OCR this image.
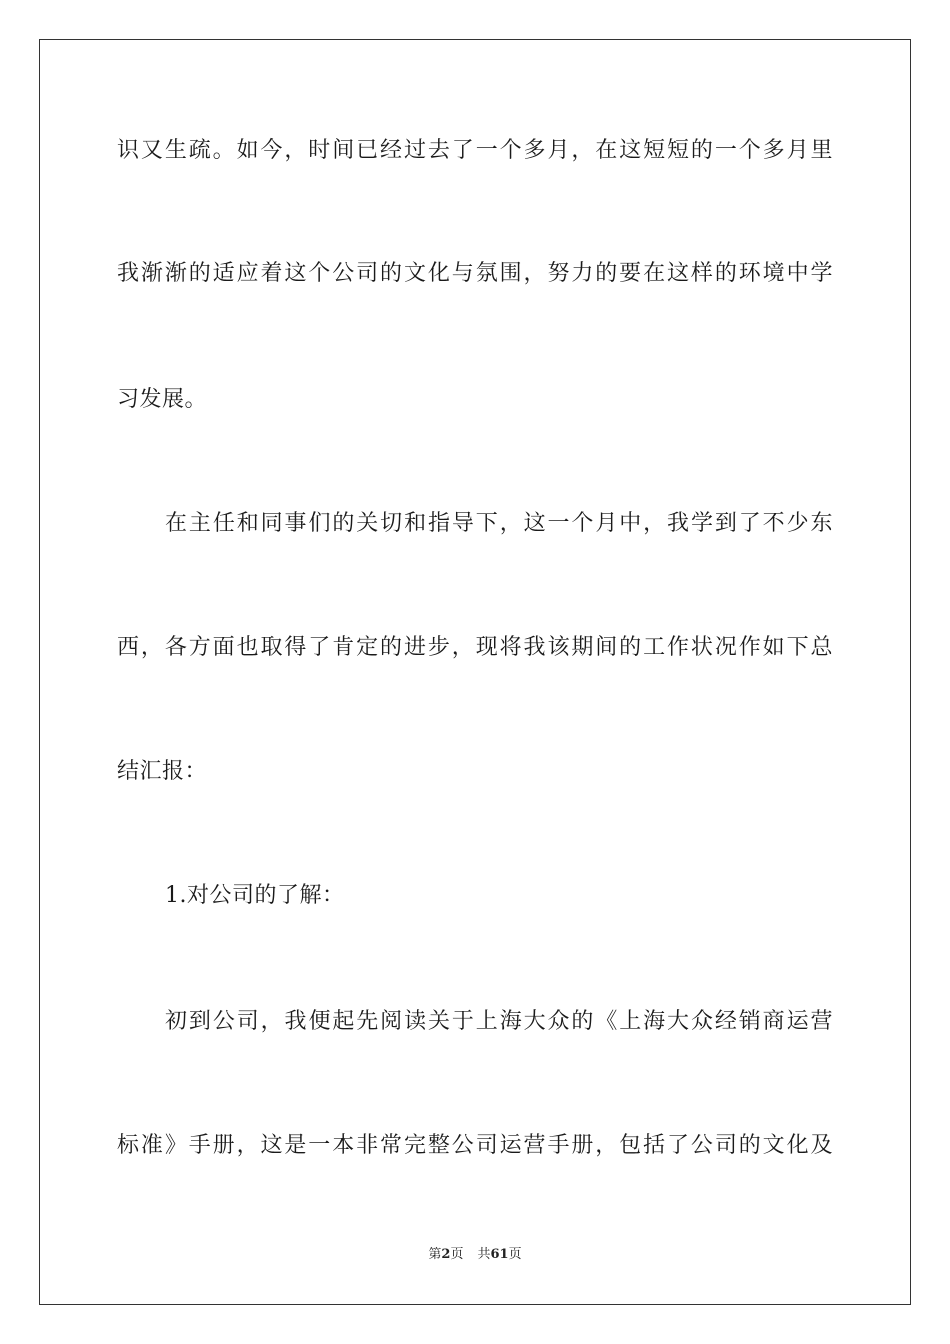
识又生疏。如今，时间已经过去了一个多月，在这短短的一个多月里
我渐渐的适应着这个公司的文化与氛围，努力的要在这样的环境中学
习发展。
在主任和同事们的关切和指导下，这一个月中，我学到了不少东
西，各方面也取得了肯定的进步，现将我该期间的工作状况作如下总
结汇报：
1.对公司的了解：
初到公司，我便起先阅读关于上海大众的《上海大众经销商运营
标准》手册，这是一本非常完整公司运营手册，包括了公司的文化及
第2页 共61页
